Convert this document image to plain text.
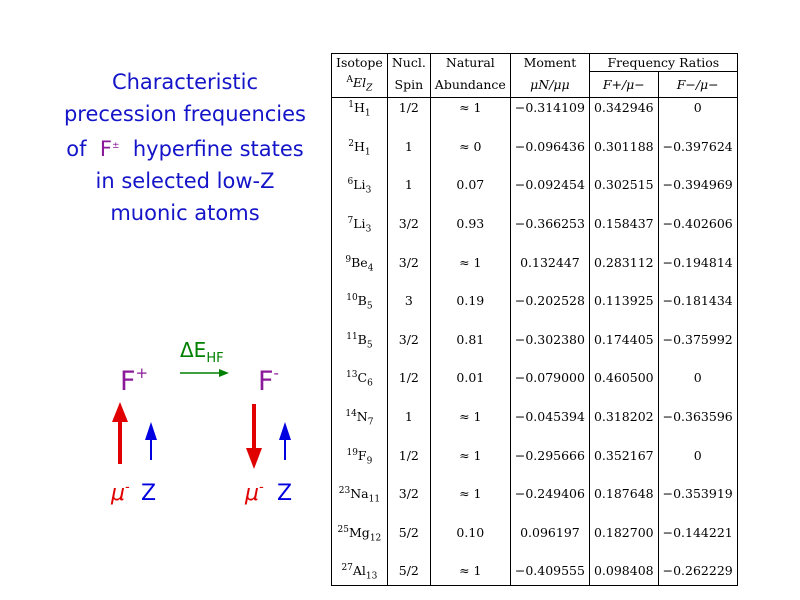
Characteristic
precession frequencies
of F± hyperfine states
in selected low-Z
muonic atoms
$\Delta E_{HF}$
F+	F-
μ- Z	μ- Z
Isotope	Nucl.	Natural	Moment	Frequency Ratios	
$^AEl_Z$	Spin	Abundance	μN/μμ	F+/μ−	F−/μ−
$^1H_1$	1/2	≈ 1	−0.314109	0.342946	0
$^2H_1$	1	≈ 0	−0.096436	0.301188	−0.397624
$^6Li_3$	1	0.07	−0.092454	0.302515	−0.394969
$^7Li_3$	3/2	0.93	−0.366253	0.158437	−0.402606
$^9Be_4$	3/2	≈ 1	0.132447	0.283112	−0.194814
$^{10}B_5$	3	0.19	−0.202528	0.113925	−0.181434
$^{11}B_5$	3/2	0.81	−0.302380	0.174405	−0.375992
$^{13}C_6$	1/2	0.01	−0.079000	0.460500	0
$^{14}N_7$	1	≈ 1	−0.045394	0.318202	−0.363596
$^{19}F_9$	1/2	≈ 1	−0.295666	0.352167	0
$^{23}Na_{11}$	3/2	≈ 1	−0.249406	0.187648	−0.353919
$^{25}Mg_{12}$	5/2	0.10	0.096197	0.182700	−0.144221
$^{27}Al_{13}$	5/2	≈ 1	−0.409555	0.098408	−0.262229
